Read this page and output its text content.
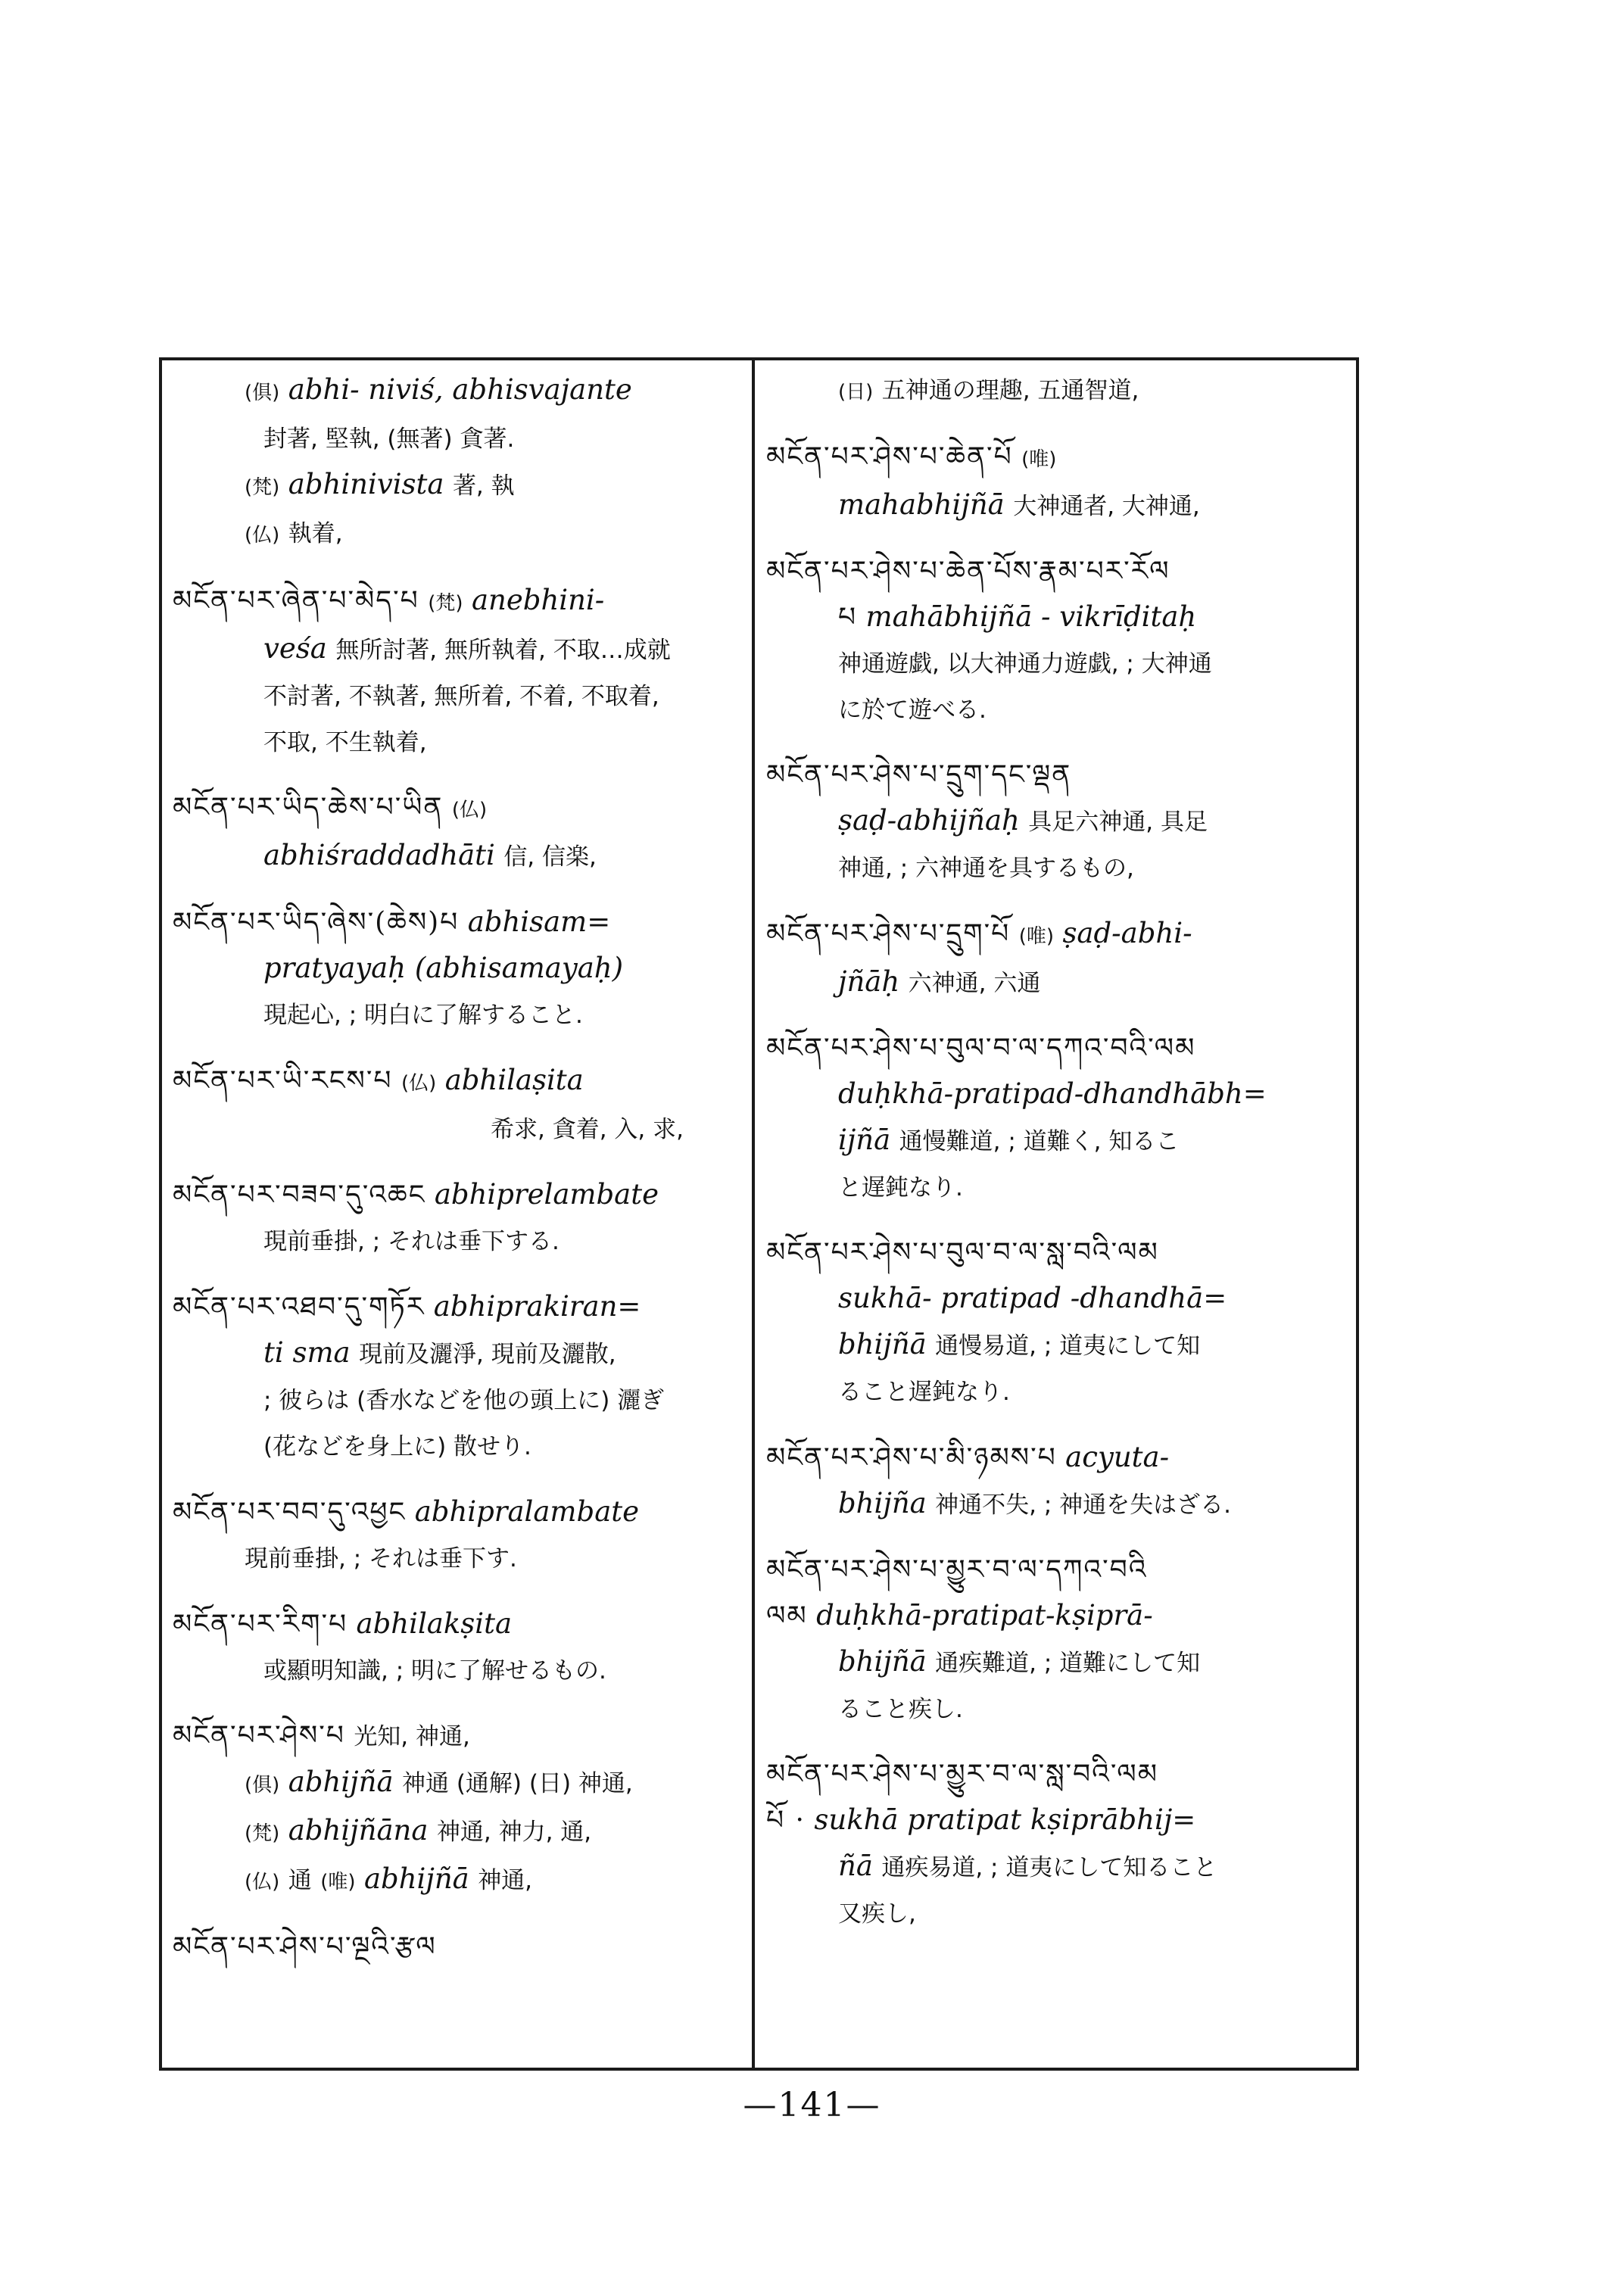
(俱) abhi- niviś, abhisvajante
封著, 堅執, (無著) 貪著.
(梵) abhinivista 著, 執
(仏) 執着,
མངོན་པར་ཞེན་པ་མེད་པ (梵) anebhini-
veśa 無所討著, 無所執着, 不取…成就
不討著, 不執著, 無所着, 不着, 不取着,
不取, 不生執着,
མངོན་པར་ཡིད་ཆེས་པ་ཡིན (仏)
abhiśraddadhāti 信, 信楽,
མངོན་པར་ཡིད་ཞེས་(ཆེས)པ abhisam=
pratyayaḥ (abhisamayaḥ)
現起心, ; 明白に了解すること.
མངོན་པར་ཡི་རངས་པ (仏) abhilaṣita
希求, 貪着, 入, 求,
མངོན་པར་བཟབ་དུ་འཆང abhiprelambate
現前垂掛, ; それは垂下する.
མངོན་པར་འཐབ་དུ་གཏོར abhiprakiran=
ti sma 現前及灑淨, 現前及灑散,
; 彼らは (香水などを他の頭上に) 灑ぎ
(花などを身上に) 散せり.
མངོན་པར་བབ་དུ་འཕྱང abhipralambate
現前垂掛, ; それは垂下す.
མངོན་པར་རིག་པ abhilakṣita
或顯明知識, ; 明に了解せるもの.
མངོན་པར་ཤེས་པ 光知, 神通,
(俱) abhijñā 神通 (通解) (日) 神通,
(梵) abhijñāna 神通, 神力, 通,
(仏) 通 (唯) abhijñā 神通,
མངོན་པར་ཤེས་པ་ལྔའི་རྩལ
(日) 五神通の理趣, 五通智道,
མངོན་པར་ཤེས་པ་ཆེན་པོ (唯)
mahabhijñā 大神通者, 大神通,
མངོན་པར་ཤེས་པ་ཆེན་པོས་རྣམ་པར་རོལ
པ mahābhijñā - vikrīḍitaḥ
神通遊戯, 以大神通力遊戯, ; 大神通
に於て遊べる.
མངོན་པར་ཤེས་པ་དྲུག་དང་ལྡན
ṣaḍ-abhijñaḥ 具足六神通, 具足
神通, ; 六神通を具するもの,
མངོན་པར་ཤེས་པ་དྲུག་པོ (唯) ṣaḍ-abhi-
jñāḥ 六神通, 六通
མངོན་པར་ཤེས་པ་བུལ་བ་ལ་དཀའ་བའི་ལམ
duḥkhā-pratipad-dhandhābh=
ijñā 通慢難道, ; 道難く, 知るこ
と遅鈍なり.
མངོན་པར་ཤེས་པ་བུལ་བ་ལ་སླ་བའི་ལམ
sukhā- pratipad -dhandhā=
bhijñā 通慢易道, ; 道夷にして知
ること遅鈍なり.
མངོན་པར་ཤེས་པ་མི་ཉམས་པ acyuta-
bhijña 神通不失, ; 神通を失はざる.
མངོན་པར་ཤེས་པ་མྱུར་བ་ལ་དཀའ་བའི
ལམ duḥkhā-pratipat-kṣiprā-
bhijñā 通疾難道, ; 道難にして知
ること疾し.
མངོན་པར་ཤེས་པ་མྱུར་བ་ལ་སླ་བའི་ལམ
པོ · sukhā pratipat kṣiprābhij=
ñā 通疾易道, ; 道夷にして知ること
又疾し,
—141—
